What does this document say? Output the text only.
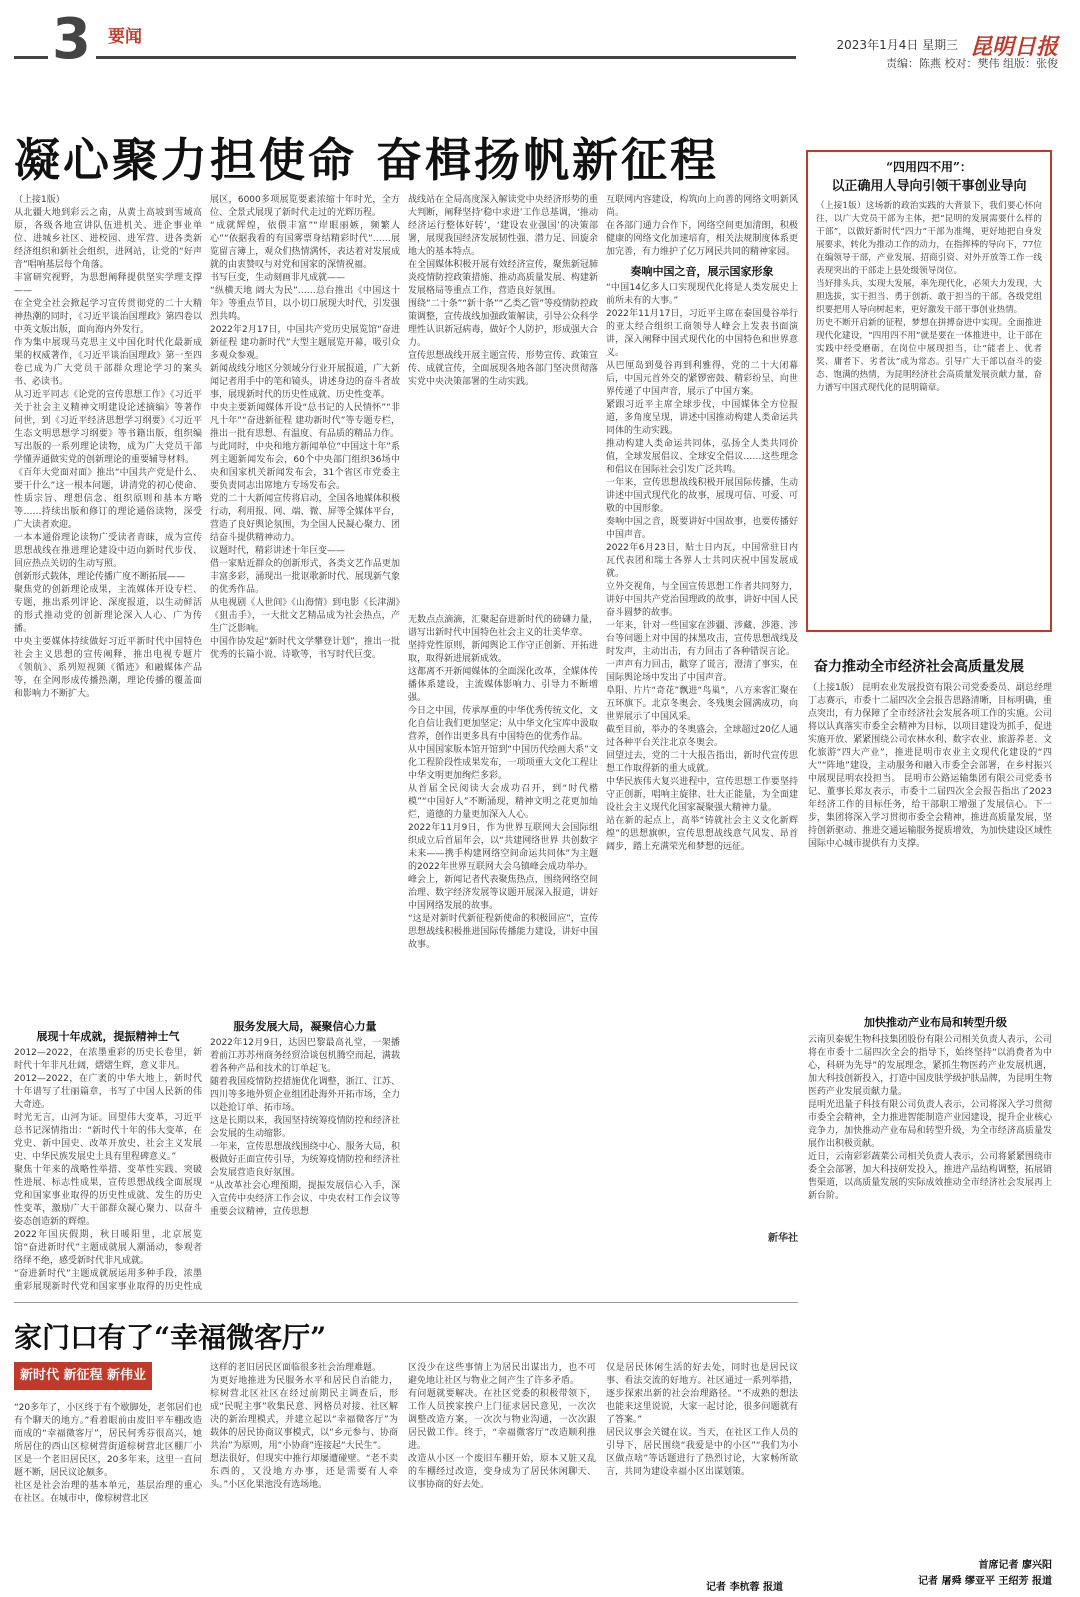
3 要闻	2023年1月4日 星期三 昆明日报
责编：陈燕 校对：樊伟 组版：张俊
凝心聚力担使命 奋楫扬帆新征程
（上接1版）
从北疆大地到彩云之南，从黄土高坡到雪域高原，各级各地宣讲队伍进机关、进企事业单位、进城乡社区、进校园、进军营、进各类新经济组织和新社会组织，进网站，让党的“好声音”唱响基层每个角落。
丰富研究视野，为思想阐释提供坚实学理支撑——
在全党全社会掀起学习宣传贯彻党的二十大精神热潮的同时，《习近平谈治国理政》第四卷以中英文版出版，面向海内外发行。
作为集中展现马克思主义中国化时代化最新成果的权威著作，《习近平谈治国理政》第一至四卷已成为广大党员干部群众理论学习的案头书、必读书。
从习近平同志《论党的宣传思想工作》《习近平关于社会主义精神文明建设论述摘编》等著作问世，到《习近平经济思想学习纲要》《习近平生态文明思想学习纲要》等书籍出版，组织编写出版的一系列理论读物，成为广大党员干部学懂弄通做实党的创新理论的重要辅导材料。
《百年大党面对面》推出“中国共产党是什么、要干什么”这一根本问题，讲清党的初心使命、性质宗旨、理想信念、组织原则和基本方略等……持续出版和修订的理论通俗读物，深受广大读者欢迎。
一本本通俗理论读物广受读者青睐，成为宣传思想战线在推进理论建设中迈向新时代步伐、回应热点关切的生动写照。
创新形式载体，理论传播广度不断拓展——
聚焦党的创新理论成果，主流媒体开设专栏、专题，推出系列评论、深度报道，以生动鲜活的形式推动党的创新理论深入人心、广为传播。
中央主要媒体持续做好习近平新时代中国特色社会主义思想的宣传阐释，推出电视专题片《领航》、系列短视频《循迹》和融媒体产品等，在全网形成传播热潮，理论传播的覆盖面和影响力不断扩大。
展现十年成就，提振精神士气
2012—2022，在浓墨重彩的历史长卷里，新时代十年非凡壮阔，熠熠生辉，意义非凡。
2012—2022，在广袤的中华大地上，新时代十年谱写了壮丽篇章，书写了中国人民新的伟大奇迹。
时光无言，山河为证。回望伟大变革，习近平总书记深情指出：“新时代十年的伟大变革，在党史、新中国史、改革开放史、社会主义发展史、中华民族发展史上具有里程碑意义。”
聚焦十年来的战略性举措、变革性实践、突破性进展、标志性成果，宣传思想战线全面展现党和国家事业取得的历史性成就、发生的历史性变革，激励广大干部群众凝心聚力、以奋斗姿态创造新的辉煌。
2022年国庆假期，秋日暖阳里，北京展览馆“奋进新时代”主题成就展人潮涌动，参观者络绎不绝，感受新时代非凡成就。
“奋进新时代”主题成就展运用多种手段，浓墨重彩展现新时代党和国家事业取得的历史性成

展区，6000多项展览要素浓缩十年时光，全方位、全景式展现了新时代走过的光辉历程。
“成就辉煌，依偎丰富”“岸眼丽嫉，频繁人心”“依据我看的有国雾票身结精彩时代”……展览留言簿上，观众们热情满怀，表达着对发展成就的由衷赞叹与对党和国家的深情祝福。
书写巨变，生动刻画非凡成就——
“纵横天地 阔大为民”……总台推出《中国这十年》等重点节目，以小切口展现大时代，引发强烈共鸣。
2022年2月17日，中国共产党历史展览馆“奋进新征程 建功新时代”大型主题展览开幕，吸引众多观众参观。
新闻战线分地区分领域分行业开展报道，广大新闻记者用手中的笔和镜头，讲述身边的奋斗者故事，展现新时代的历史性成就、历史性变革。
中央主要新闻媒体开设“总书记的人民情怀”“非凡十年”“奋进新征程 建功新时代”等专题专栏，推出一批有思想、有温度、有品质的精品力作。
与此同时，中央和地方新闻单位“中国这十年”系列主题新闻发布会，60个中央部门组织36场中央和国家机关新闻发布会，31个省区市党委主要负责同志出席地方专场发布会。
党的二十大新闻宣传将启动，全国各地媒体积极行动，利用报、网、端、微、屏等全媒体平台，营造了良好舆论氛围，为全国人民凝心聚力、团结奋斗提供精神动力。
议题时代，精彩讲述十年巨变——
借一家贴近群众的创新形式，各类文艺作品更加丰富多彩，涌现出一批讴歌新时代、展现新气象的优秀作品。
从电视剧《人世间》《山海情》到电影《长津湖》《狙击手》，一大批文艺精品成为社会热点，产生广泛影响。
中国作协发起“新时代文学攀登计划”，推出一批优秀的长篇小说、诗歌等，书写时代巨变。
服务发展大局，凝聚信心力量
2022年12月9日，达因巴黎最高礼堂，一架播着前江苏苏州商务经贸洽谈包机腾空而起，满载着各种产品和技术的订单起飞。
随着我国疫情防控措施优化调整，浙江、江苏、四川等多地外贸企业组团赴海外开拓市场，全力以赴抢订单、拓市场。
这是长期以来，我国坚持统筹疫情防控和经济社会发展的生动缩影。
一年来，宣传思想战线围绕中心、服务大局，积极做好正面宣传引导，为统筹疫情防控和经济社会发展营造良好氛围。
“从改革社会心理预期，提振发展信心入手，深入宣传中央经济工作会议、中央农村工作会议等重要会议精神，宣传思想
战线站在全局高度深入解读党中央经济形势的重大判断，阐释坚持‘稳中求进’工作总基调，‘推动经济运行整体好转’，‘建设农业强国’的决策部署，展现我国经济发展韧性强、潜力足、回旋余地大的基本特点。
在全国媒体积极开展有效经济宣传，聚焦新冠肺炎疫情防控政策措施、推动高质量发展、构建新发展格局等重点工作，营造良好氛围。
围绕“二十条”“新十条”“乙类乙管”等疫情防控政策调整，宣传战线加强政策解读，引导公众科学理性认识新冠病毒，做好个人防护，形成强大合力。
宣传思想战线开展主题宣传、形势宣传、政策宣传、成就宣传，全面展现各地各部门坚决贯彻落实党中央决策部署的生动实践。
无数点点滴滴，汇聚起奋进新时代的磅礴力量，谱写出新时代中国特色社会主义的壮美华章。
坚持党性原则，新闻舆论工作守正创新、开拓进取，取得新进展新成效。
这都离不开新闻媒体的全面深化改革，全媒体传播体系建设，主流媒体影响力、引导力不断增强。
今日之中国，传承厚重的中华优秀传统文化，文化自信让我们更加坚定；从中华文化宝库中汲取营养，创作出更多具有中国特色的优秀作品。
从中国国家版本馆开馆到“中国历代绘画大系”文化工程阶段性成果发布，一项项重大文化工程让中华文明更加绚烂多彩。
从首届全民阅读大会成功召开，到“时代楷模”“中国好人”不断涌现，精神文明之花更加灿烂，道德的力量更加深入人心。
2022年11月9日，作为世界互联网大会国际组织成立后首届年会，以“共建网络世界 共创数字未来——携手构建网络空间命运共同体”为主题的2022年世界互联网大会乌镇峰会成功举办。
峰会上，新闻记者代表聚焦热点，围绕网络空间治理、数字经济发展等议题开展深入报道，讲好中国网络发展的故事。
“这是对新时代新征程新使命的积极回应”，宣传思想战线积极推进国际传播能力建设，讲好中国故事。
互联网内容建设，构筑向上向善的网络文明新风尚。
在各部门通力合作下，网络空间更加清朗，积极健康的网络文化加速培育，相关法规制度体系更加完善，有力维护了亿万网民共同的精神家园。
奏响中国之音，展示国家形象
“中国14亿多人口实现现代化将是人类发展史上前所未有的大事。”
2022年11月17日，习近平主席在泰国曼谷举行的亚太经合组织工商领导人峰会上发表书面演讲，深入阐释中国式现代化的中国特色和世界意义。
从巴厘岛到曼谷再到利雅得，党的二十大闭幕后，中国元首外交的紧锣密鼓、精彩纷呈，向世界传递了中国声音，展示了中国方案。
紧跟习近平主席全球步伐，中国媒体全方位报道，多角度呈现，讲述中国推动构建人类命运共同体的生动实践。
推动构建人类命运共同体，弘扬全人类共同价值，全球发展倡议、全球安全倡议……这些理念和倡议在国际社会引发广泛共鸣。
一年来，宣传思想战线积极开展国际传播，生动讲述中国式现代化的故事，展现可信、可爱、可敬的中国形象。
奏响中国之音，既要讲好中国故事，也要传播好中国声音。
2022年6月23日，贴士日内瓦，中国常驻日内瓦代表团和瑞士各界人士共同庆祝中国发展成就。
立外交视角，与全国宣传思想工作者共同努力，讲好中国共产党治国理政的故事，讲好中国人民奋斗圆梦的故事。
一年来，针对一些国家在涉疆、涉藏、涉港、涉台等问题上对中国的抹黑攻击，宣传思想战线及时发声，主动出击，有力回击了各种错误言论。
一声声有力回击，戳穿了谎言，澄清了事实，在国际舆论场中发出了中国声音。
阜阳、片片“奇花”飘进“鸟巢”，八方来客汇聚在五环旗下。北京冬奥会、冬残奥会圆满成功，向世界展示了中国风采。
截至目前，举办的冬奥盛会，全球超过20亿人通过各种平台关注北京冬奥会。
回望过去，党的二十大报告指出，新时代宣传思想工作取得新的重大成就。
中华民族伟大复兴进程中，宣传思想工作要坚持守正创新，唱响主旋律、壮大正能量，为全面建设社会主义现代化国家凝聚强大精神力量。
站在新的起点上，高举“铸就社会主义文化新辉煌”的思想旗帜，宣传思想战线意气风发、昂首阔步，踏上充满荣光和梦想的远征。
新华社
“四用四不用”：
以正确用人导向引领干事创业导向
（上接1版）这场新的政治实践的大背景下，我们要心怀向往，以广大党员干部为主体，把“昆明的发展需要什么样的干部”，以做好新时代“四力”干部为准绳，更好地把自身发展要求，转化为推动工作的动力，在指挥棒的导向下，77位在编领导干部，产业发展、招商引资、对外开放等工作一线表现突出的干部走上县处级领导岗位。
当好排头兵，实现大发展，率先现代化，必须大力发现，大胆选拔，实干担当、勇于创新、敢于担当的干部。各级党组织要把用人导向树起来，更好激发干部干事创业热情。
历史不断开启新的征程，梦想在拼搏奋进中实现。全面推进现代化建设，“四用四不用”就是要在一体推进中，让干部在实践中经受磨砺，在岗位中展现担当，让“能者上、优者奖、庸者下、劣者汰”成为常态。引导广大干部以奋斗的姿态、饱满的热情，为昆明经济社会高质量发展贡献力量，奋力谱写中国式现代化的昆明篇章。
奋力推动全市经济社会高质量发展
（上接1版） 昆明农业发展投资有限公司党委委员、副总经理丁志赛示，市委十二届四次全会报告思路清晰，目标明确，重点突出，有力保障了全市经济社会发展各项工作的实施。公司将以认真落实市委全会精神为目标，以项目建设为抓手，促进实施开放、紧紧围绕公司农林水利、数字农业、旅游养老、文化旅游“四大产业”，推进昆明市农业主文现代化建设的“四大”“阵地”建设，主动服务和融入市委全会部署，在乡村振兴中展现昆明农投担当。 昆明市公路运输集团有限公司党委书记、董事长郑友表示，市委十二届四次全会报告指出了2023年经济工作的目标任务，给干部职工增强了发展信心。下一步，集团将深入学习贯彻市委全会精神，推进高质量发展，坚持创新驱动、推进交通运输服务提质增效，为加快建设区域性国际中心城市提供有力支撑。
加快推动产业布局和转型升级
云南贝泰妮生物科技集团股份有限公司相关负责人表示，公司将在市委十二届四次全会的指导下，始终坚持“以消费者为中心，科研为先导”的发展理念，紧抓生物医药产业发展机遇，加大科技创新投入，打造中国皮肤学级护肤品牌，为昆明生物医药产业发展贡献力量。
昆明光迅量子科技有限公司负责人表示，公司将深入学习贯彻市委全会精神，全力推进智能制造产业园建设，提升企业核心竞争力，加快推动产业布局和转型升级，为全市经济高质量发展作出积极贡献。
近日，云南彩彩蔬菜公司相关负责人表示，公司将紧紧围绕市委全会部署，加大科技研发投入，推进产品结构调整，拓展销售渠道，以高质量发展的实际成效推动全市经济社会发展再上新台阶。
首席记者 廖兴阳
记者 屠舜 缪亚平 王绍芳 报道
家门口有了“幸福微客厅”
新时代 新征程 新伟业
“20多年了，小区终于有个歇脚处，老邻居们也有个聊天的地方。”看着眼前由废旧平车棚改造而成的“幸福微客厅”，居民何秀芬很高兴，她所居住的西山区棕树营街道棕树营北区棚厂小区是一个老旧居民区，20多年来，这里一直问题不断，居民议论颇多。
社区是社会治理的基本单元，基层治理的重心在社区。在城市中，像棕树营北区
这样的老旧居民区面临很多社会治理难题。
为更好地推进为民服务水平和居民自治能力，棕树营北区社区在经过前期民主调查后，形成“民呢主事”收集民意、网格员对接、社区解决的新治理模式，并建立起以“幸福微客厅”为载体的居民协商议事模式，以“乡元参与、协商共治”为原则，用“小协商”连接起“大民生”。
想法很好，但现实中推行却屡遭碰壁。“老不卖东西的，又没地方办事，还是需要有人牵头。”小区化果池没有选场地。
区没少在这些事情上为居民出谋出力，也不可避免地让社区与物业之间产生了许多矛盾。
有问题就要解决。在社区党委的积极带领下，工作人员挨家挨户上门征求居民意见，一次次调整改造方案，一次次与物业沟通，一次次跟居民做工作。终于，“幸福微客厅”改造顺利推进。
改造从小区一个废旧车棚开始，原本又脏又乱的车棚经过改造，变身成为了居民休闲聊天、议事协商的好去处。
仅是居民休闲生活的好去处，同时也是居民议事、看法交流的好地方。社区通过一系列举措，逐步探索出新的社会治理路径。“不成熟的想法也能来这里说说，大家一起讨论，很多问题就有了答案。”
居民议事会关键在议。当天，在社区工作人员的引导下，居民围绕“我爱是中的小区”“我们为小区做点啥”等话题进行了热烈讨论，大家畅所欲言，共同为建设幸福小区出谋划策。
记者 李杭蓉 报道
